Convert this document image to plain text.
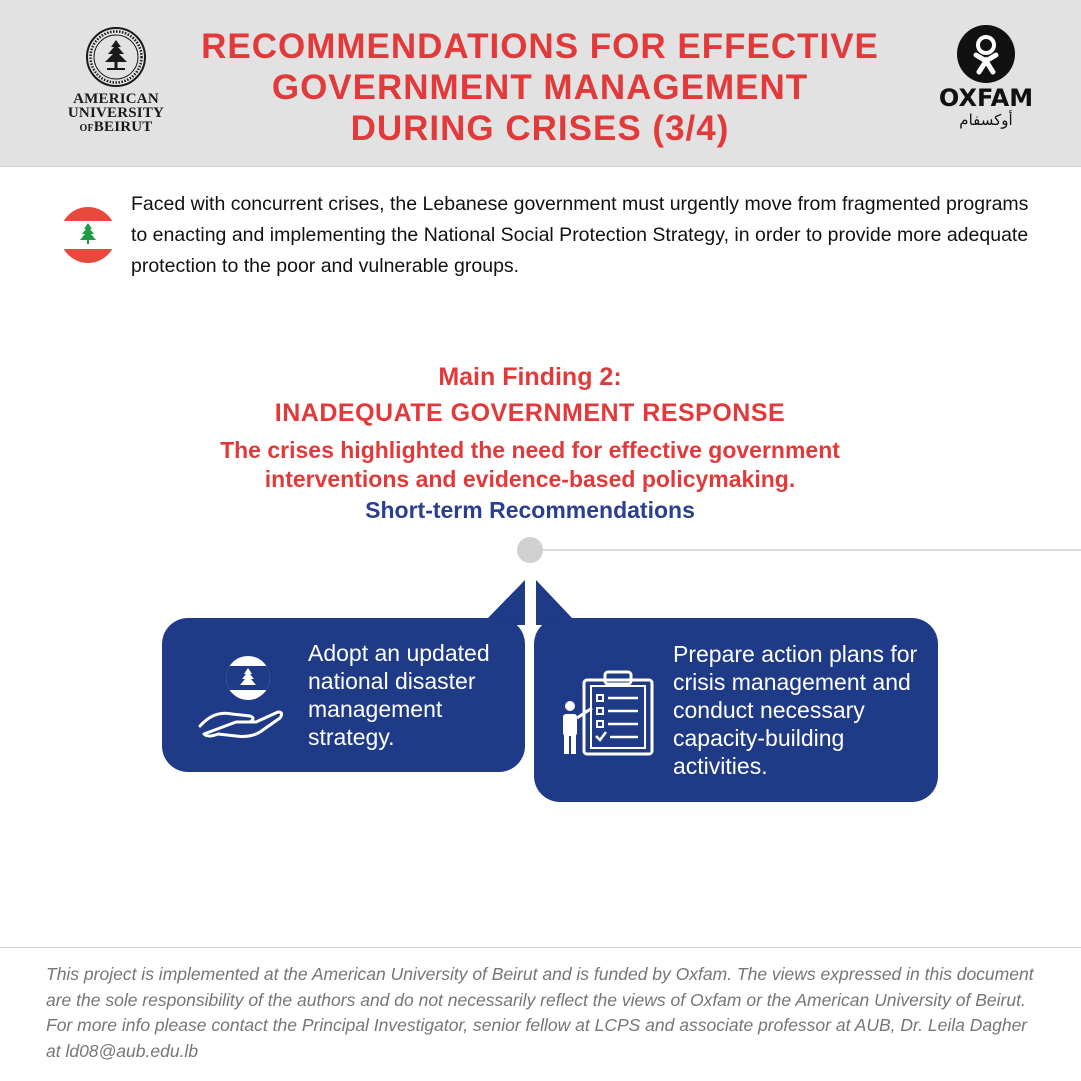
AMERICAN
UNIVERSITY
OFBEIRUT
RECOMMENDATIONS FOR EFFECTIVE
GOVERNMENT MANAGEMENT
DURING CRISES (3/4)
OXFAM
أوكسفام
Faced with concurrent crises, the Lebanese government must urgently move from fragmented programs to enacting and implementing the National Social Protection Strategy, in order to provide more adequate protection to the poor and vulnerable groups.
Main Finding 2:
INADEQUATE GOVERNMENT RESPONSE
The crises highlighted the need for effective government
interventions and evidence-based policymaking.
Short-term Recommendations
Adopt an updated national disaster management strategy.
Prepare action plans for crisis management and conduct necessary capacity-building activities.
This project is implemented at the American University of Beirut and is funded by Oxfam. The views expressed in this document are the sole responsibility of the authors and do not necessarily reflect the views of Oxfam or the American University of Beirut. For more info please contact the Principal Investigator, senior fellow at LCPS and associate professor at AUB, Dr. Leila Dagher at ld08@aub.edu.lb
